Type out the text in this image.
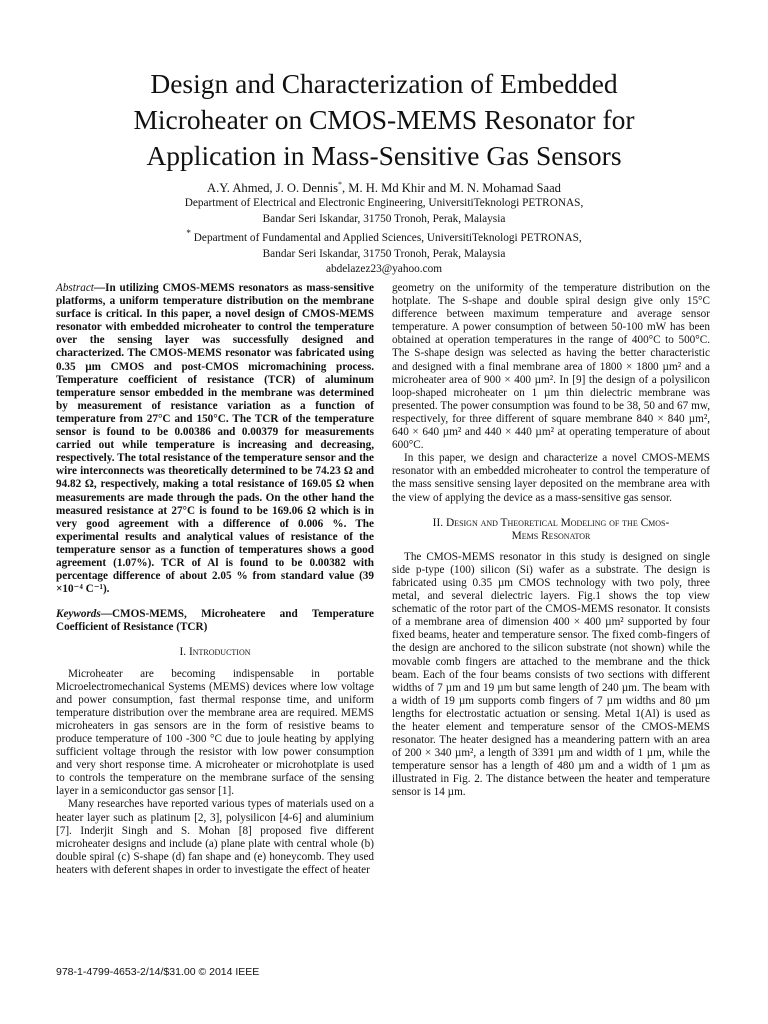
Design and Characterization of Embedded
Microheater on CMOS-MEMS Resonator for
Application in Mass-Sensitive Gas Sensors
A.Y. Ahmed, J. O. Dennis*, M. H. Md Khir and M. N. Mohamad Saad
Department of Electrical and Electronic Engineering, UniversitiTeknologi PETRONAS,
Bandar Seri Iskandar, 31750 Tronoh, Perak, Malaysia
* Department of Fundamental and Applied Sciences, UniversitiTeknologi PETRONAS,
Bandar Seri Iskandar, 31750 Tronoh, Perak, Malaysia
abdelazez23@yahoo.com

Abstract—In utilizing CMOS-MEMS resonators as mass-sensitive platforms, a uniform temperature distribution on the membrane surface is critical. In this paper, a novel design of CMOS-MEMS resonator with embedded microheater to control the temperature over the sensing layer was successfully designed and characterized. The CMOS-MEMS resonator was fabricated using 0.35 µm CMOS and post-CMOS micromachining process. Temperature coefficient of resistance (TCR) of aluminum temperature sensor embedded in the membrane was determined by measurement of resistance variation as a function of temperature from 27°C and 150°C. The TCR of the temperature sensor is found to be 0.00386 and 0.00379 for measurements carried out while temperature is increasing and decreasing, respectively. The total resistance of the temperature sensor and the wire interconnects was theoretically determined to be 74.23 Ω and 94.82 Ω, respectively, making a total resistance of 169.05 Ω when measurements are made through the pads. On the other hand the measured resistance at 27°C is found to be 169.06 Ω which is in very good agreement with a difference of 0.006 %. The experimental results and analytical values of resistance of the temperature sensor as a function of temperatures shows a good agreement (1.07%). TCR of Al is found to be 0.00382 with percentage difference of about 2.05 % from standard value (39 ×10⁻⁴ C⁻¹).

Keywords—CMOS-MEMS, Microheatere and Temperature Coefficient of Resistance (TCR)

I. Introduction

Microheater are becoming indispensable in portable Microelectromechanical Systems (MEMS) devices where low voltage and power consumption, fast thermal response time, and uniform temperature distribution over the membrane area are required. MEMS microheaters in gas sensors are in the form of resistive beams to produce temperature of 100 -300 °C due to joule heating by applying sufficient voltage through the resistor with low power consumption and very short response time. A microheater or microhotplate is used to controls the temperature on the membrane surface of the sensing layer in a semiconductor gas sensor [1].

Many researches have reported various types of materials used on a heater layer such as platinum [2, 3], polysilicon [4-6] and aluminium [7]. Inderjit Singh and S. Mohan [8] proposed five different microheater designs and include (a) plane plate with central whole (b) double spiral (c) S-shape (d) fan shape and (e) honeycomb. They used heaters with deferent shapes in order to investigate the effect of heater

geometry on the uniformity of the temperature distribution on the hotplate. The S-shape and double spiral design give only 15°C difference between maximum temperature and average sensor temperature. A power consumption of between 50-100 mW has been obtained at operation temperatures in the range of 400°C to 500°C. The S-shape design was selected as having the better characteristic and designed with a final membrane area of 1800 × 1800 µm² and a microheater area of 900 × 400 µm². In [9] the design of a polysilicon loop-shaped microheater on 1 µm thin dielectric membrane was presented. The power consumption was found to be 38, 50 and 67 mw, respectively, for three different of square membrane 840 × 840 µm², 640 × 640 µm² and 440 × 440 µm² at operating temperature of about 600°C.

In this paper, we design and characterize a novel CMOS-MEMS resonator with an embedded microheater to control the temperature of the mass sensitive sensing layer deposited on the membrane area with the view of applying the device as a mass-sensitive gas sensor.

II. Design and Theoretical Modeling of the Cmos-
Mems Resonator

The CMOS-MEMS resonator in this study is designed on single side p-type (100) silicon (Si) wafer as a substrate. The design is fabricated using 0.35 µm CMOS technology with two poly, three metal, and several dielectric layers. Fig.1 shows the top view schematic of the rotor part of the CMOS-MEMS resonator. It consists of a membrane area of dimension 400 × 400 µm² supported by four fixed beams, heater and temperature sensor. The fixed comb-fingers of the design are anchored to the silicon substrate (not shown) while the movable comb fingers are attached to the membrane and the thick beam. Each of the four beams consists of two sections with different widths of 7 µm and 19 µm but same length of 240 µm. The beam with a width of 19 µm supports comb fingers of 7 µm widths and 80 µm lengths for electrostatic actuation or sensing. Metal 1(Al) is used as the heater element and temperature sensor of the CMOS-MEMS resonator. The heater designed has a meandering pattern with an area of 200 × 340 µm², a length of 3391 µm and width of 1 µm, while the temperature sensor has a length of 480 µm and a width of 1 µm as illustrated in Fig. 2. The distance between the heater and temperature sensor is 14 µm.

978-1-4799-4653-2/14/$31.00 © 2014 IEEE
